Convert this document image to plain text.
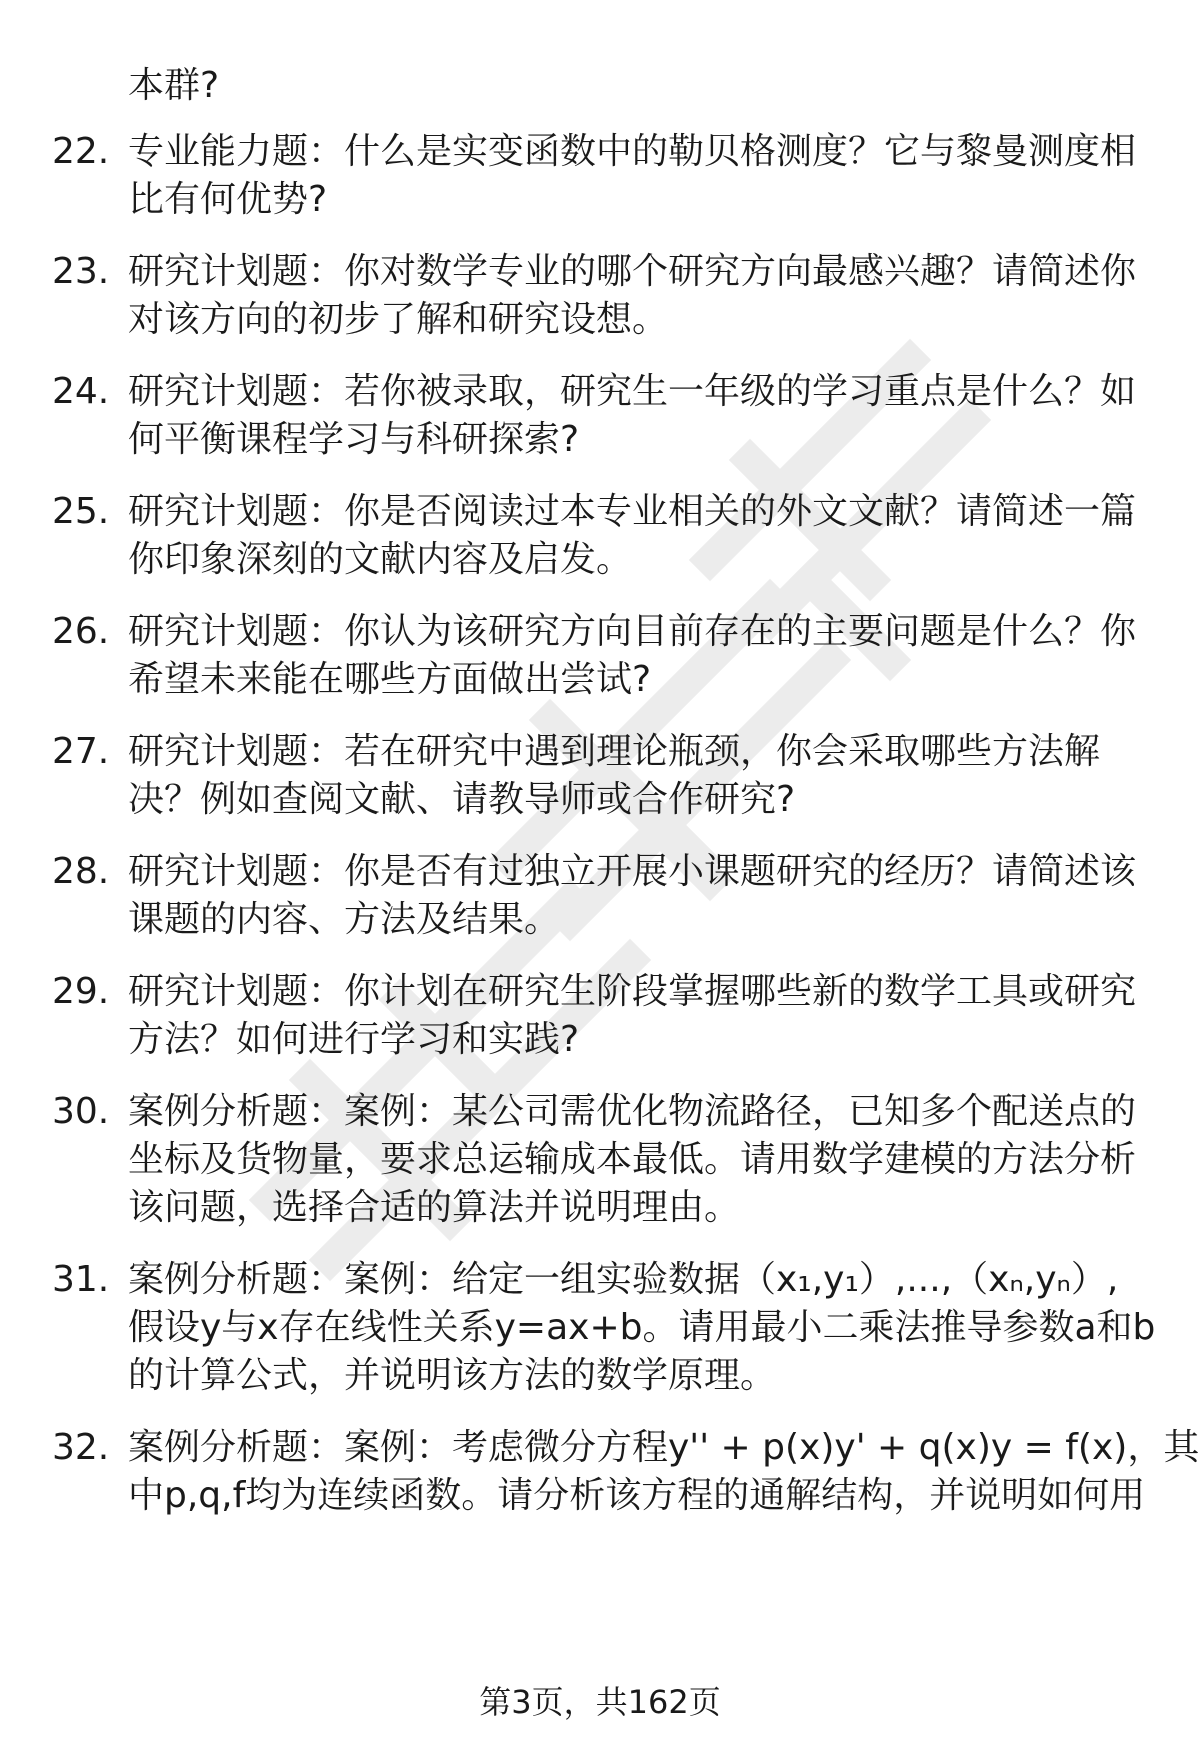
本群?
22. 专业能力题：什么是实变函数中的勒贝格测度？它与黎曼测度相
比有何优势?
23. 研究计划题：你对数学专业的哪个研究方向最感兴趣？请简述你
对该方向的初步了解和研究设想。
24. 研究计划题：若你被录取，研究生一年级的学习重点是什么？如
何平衡课程学习与科研探索?
25. 研究计划题：你是否阅读过本专业相关的外文文献？请简述一篇
你印象深刻的文献内容及启发。
26. 研究计划题：你认为该研究方向目前存在的主要问题是什么？你
希望未来能在哪些方面做出尝试?
27. 研究计划题：若在研究中遇到理论瓶颈，你会采取哪些方法解
决？例如查阅文献、请教导师或合作研究?
28. 研究计划题：你是否有过独立开展小课题研究的经历？请简述该
课题的内容、方法及结果。
29. 研究计划题：你计划在研究生阶段掌握哪些新的数学工具或研究
方法？如何进行学习和实践?
30. 案例分析题：案例：某公司需优化物流路径，已知多个配送点的
坐标及货物量，要求总运输成本最低。请用数学建模的方法分析
该问题，选择合适的算法并说明理由。
31. 案例分析题：案例：给定一组实验数据（x₁,y₁）,...,（xₙ,yₙ）,
假设y与x存在线性关系y=ax+b。请用最小二乘法推导参数a和b
的计算公式，并说明该方法的数学原理。
32. 案例分析题：案例：考虑微分方程y'' + p(x)y' + q(x)y = f(x)，其
中p,q,f均为连续函数。请分析该方程的通解结构，并说明如何用
第3页，共162页
